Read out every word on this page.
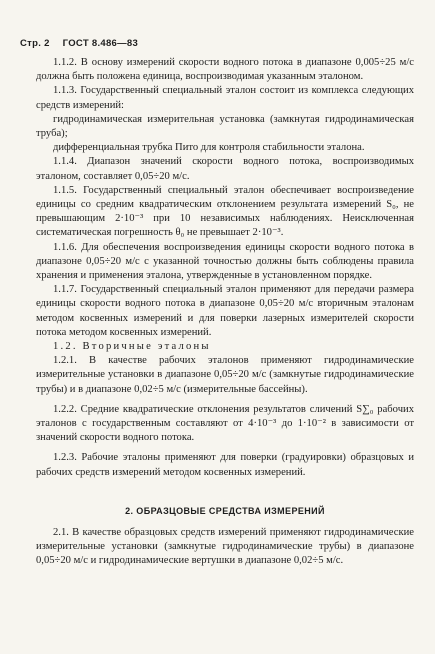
Стр. 2 ГОСТ 8.486—83

1.1.2. В основу измерений скорости водного потока в диапазоне 0,005÷25 м/с должна быть положена единица, воспроизводимая указанным эталоном.

1.1.3. Государственный специальный эталон состоит из комплекса следующих средств измерений:

гидродинамическая измерительная установка (замкнутая гидродинамическая труба);

дифференциальная трубка Пито для контроля стабильности эталона.

1.1.4. Диапазон значений скорости водного потока, воспроизводимых эталоном, составляет 0,05÷20 м/с.

1.1.5. Государственный специальный эталон обеспечивает воспроизведение единицы со средним квадратическим отклонением результата измерений S₀, не превышающим 2·10⁻³ при 10 независимых наблюдениях. Неисключенная систематическая погрешность θ₀ не превышает 2·10⁻³.

1.1.6. Для обеспечения воспроизведения единицы скорости водного потока в диапазоне 0,05÷20 м/с с указанной точностью должны быть соблюдены правила хранения и применения эталона, утвержденные в установленном порядке.

1.1.7. Государственный специальный эталон применяют для передачи размера единицы скорости водного потока в диапазоне 0,05÷20 м/с вторичным эталонам методом косвенных измерений и для поверки лазерных измерителей скорости потока методом косвенных измерений.

1.2. Вторичные эталоны

1.2.1. В качестве рабочих эталонов применяют гидродинамические измерительные установки в диапазоне 0,05÷20 м/с (замкнутые гидродинамические трубы) и в диапазоне 0,02÷5 м/с (измерительные бассейны).

1.2.2. Средние квадратические отклонения результатов сличений S∑₀ рабочих эталонов с государственным составляют от 4·10⁻³ до 1·10⁻² в зависимости от значений скорости водного потока.

1.2.3. Рабочие эталоны применяют для поверки (градуировки) образцовых и рабочих средств измерений методом косвенных измерений.

2. ОБРАЗЦОВЫЕ СРЕДСТВА ИЗМЕРЕНИЙ

2.1. В качестве образцовых средств измерений применяют гидродинамические измерительные установки (замкнутые гидродинамические трубы) в диапазоне 0,05÷20 м/с и гидродинамические вертушки в диапазоне 0,02÷5 м/с.
